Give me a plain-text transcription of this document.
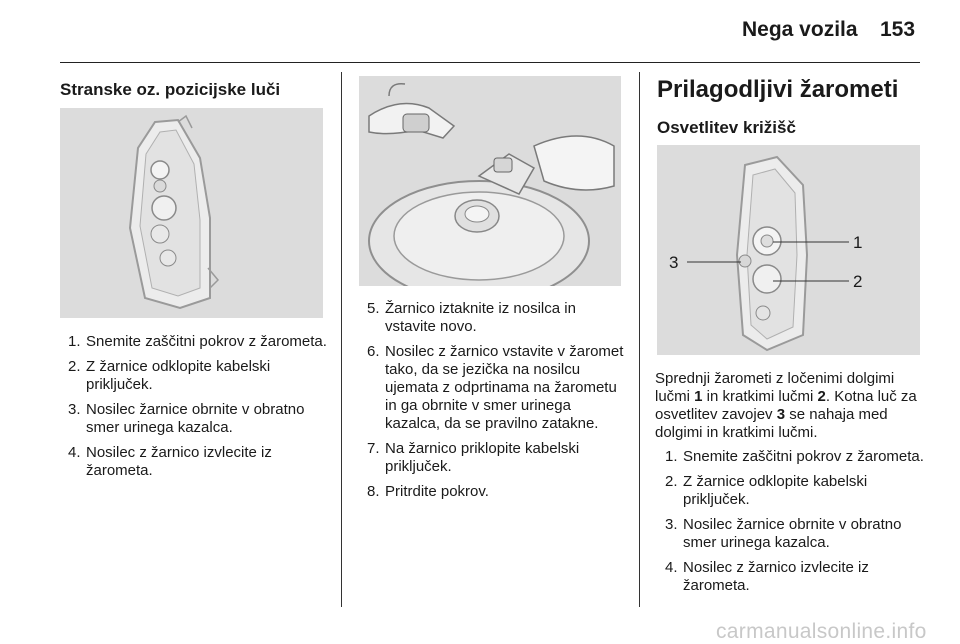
Nega vozila 153
Stranske oz. pozicijske luči
1. Snemite zaščitni pokrov z žarometa.
2. Z žarnice odklopite kabelski priključek.
3. Nosilec žarnice obrnite v obratno smer urinega kazalca.
4. Nosilec z žarnico izvlecite iz žarometa.
5. Žarnico iztaknite iz nosilca in vstavite novo.
6. Nosilec z žarnico vstavite v žaromet tako, da se jezička na nosilcu ujemata z odprtinama na žarometu in ga obrnite v smer urinega kazalca, da se pravilno zatakne.
7. Na žarnico priklopite kabelski priključek.
8. Pritrdite pokrov.
Prilagodljivi žarometi
Osvetlitev križišč
1
2
3

Sprednji žarometi z ločenimi dolgimi lučmi 1 in kratkimi lučmi 2. Kotna luč za osvetlitev zavojev 3 se nahaja med dolgimi in kratkimi lučmi.

1. Snemite zaščitni pokrov z žarometa.
2. Z žarnice odklopite kabelski priključek.
3. Nosilec žarnice obrnite v obratno smer urinega kazalca.
4. Nosilec z žarnico izvlecite iz žarometa.
carmanualsonline.info
